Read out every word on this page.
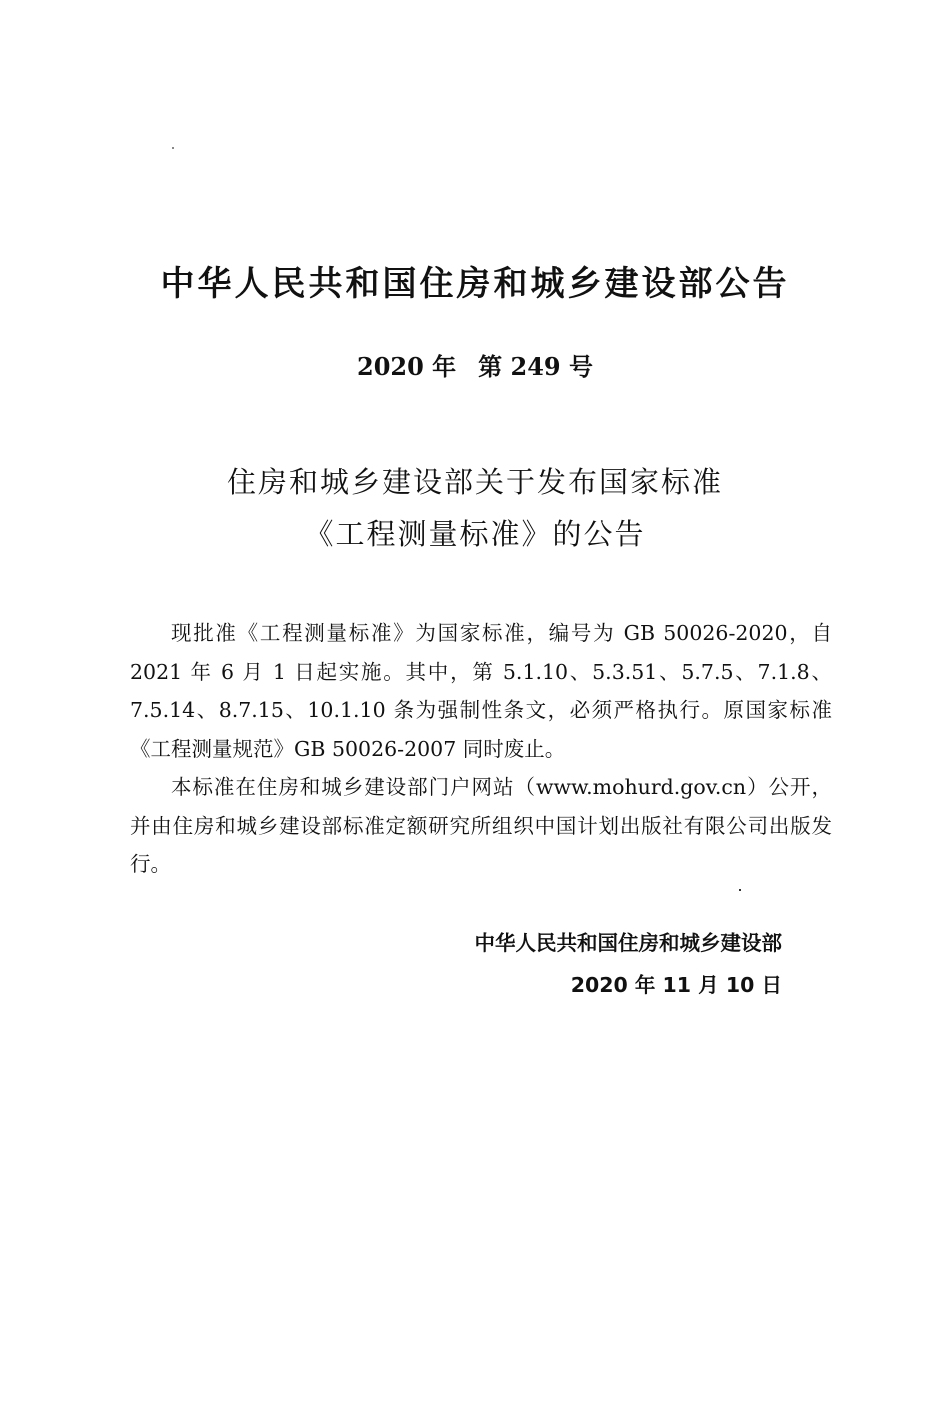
中华人民共和国住房和城乡建设部公告
2020 年 第 249 号
住房和城乡建设部关于发布国家标准
《工程测量标准》的公告

现批准《工程测量标准》为国家标准，编号为 GB 50026-2020，自 2021 年 6 月 1 日起实施。其中，第 5.1.10、5.3.51、5.7.5、7.1.8、7.5.14、8.7.15、10.1.10 条为强制性条文，必须严格执行。原国家标准《工程测量规范》GB 50026-2007 同时废止。

本标准在住房和城乡建设部门户网站（www.mohurd.gov.cn）公开，并由住房和城乡建设部标准定额研究所组织中国计划出版社有限公司出版发行。

中华人民共和国住房和城乡建设部
2020 年 11 月 10 日
